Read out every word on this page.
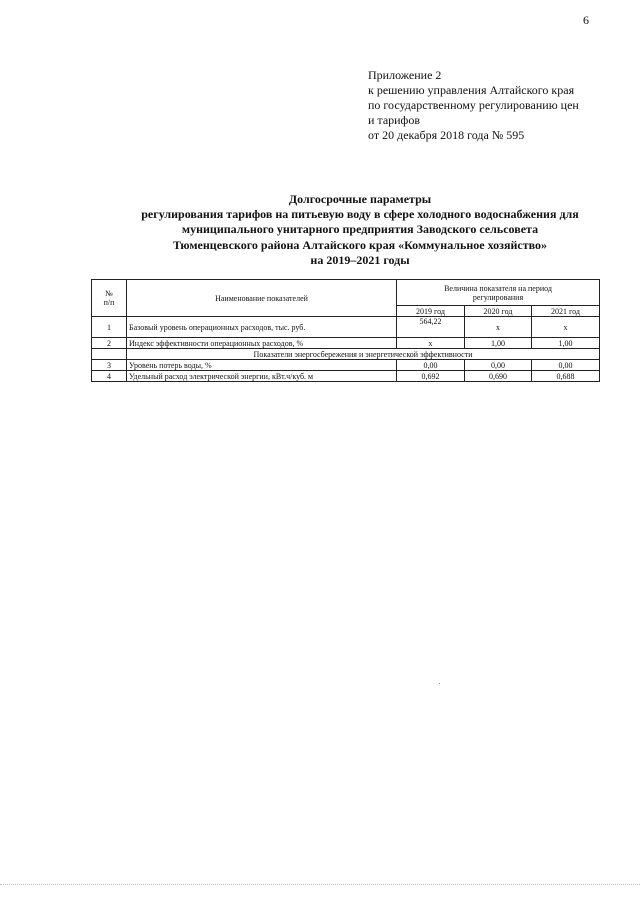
6
Приложение 2
к решению управления Алтайского края
по государственному регулированию цен
и тарифов
от 20 декабря 2018 года № 595
Долгосрочные параметры
регулирования тарифов на питьевую воду в сфере холодного водоснабжения для
муниципального унитарного предприятия Заводского сельсовета
Тюменцевского района Алтайского края «Коммунальное хозяйство»
на 2019–2021 годы
№
п/п	Наименование показателей	Величина показателя на период
регулирования		
		2019 год	2020 год	2021 год
1	Базовый уровень операционных расходов, тыс. руб.	564,22	х	х
2	Индекс эффективности операционных расходов, %	х	1,00	1,00
	Показатели энергосбережения и энергетической эффективности			
3	Уровень потерь воды, %	0,00	0,00	0,00
4	Удельный расход электрической энергии, кВт.ч/куб. м	0,692	0,690	0,688
